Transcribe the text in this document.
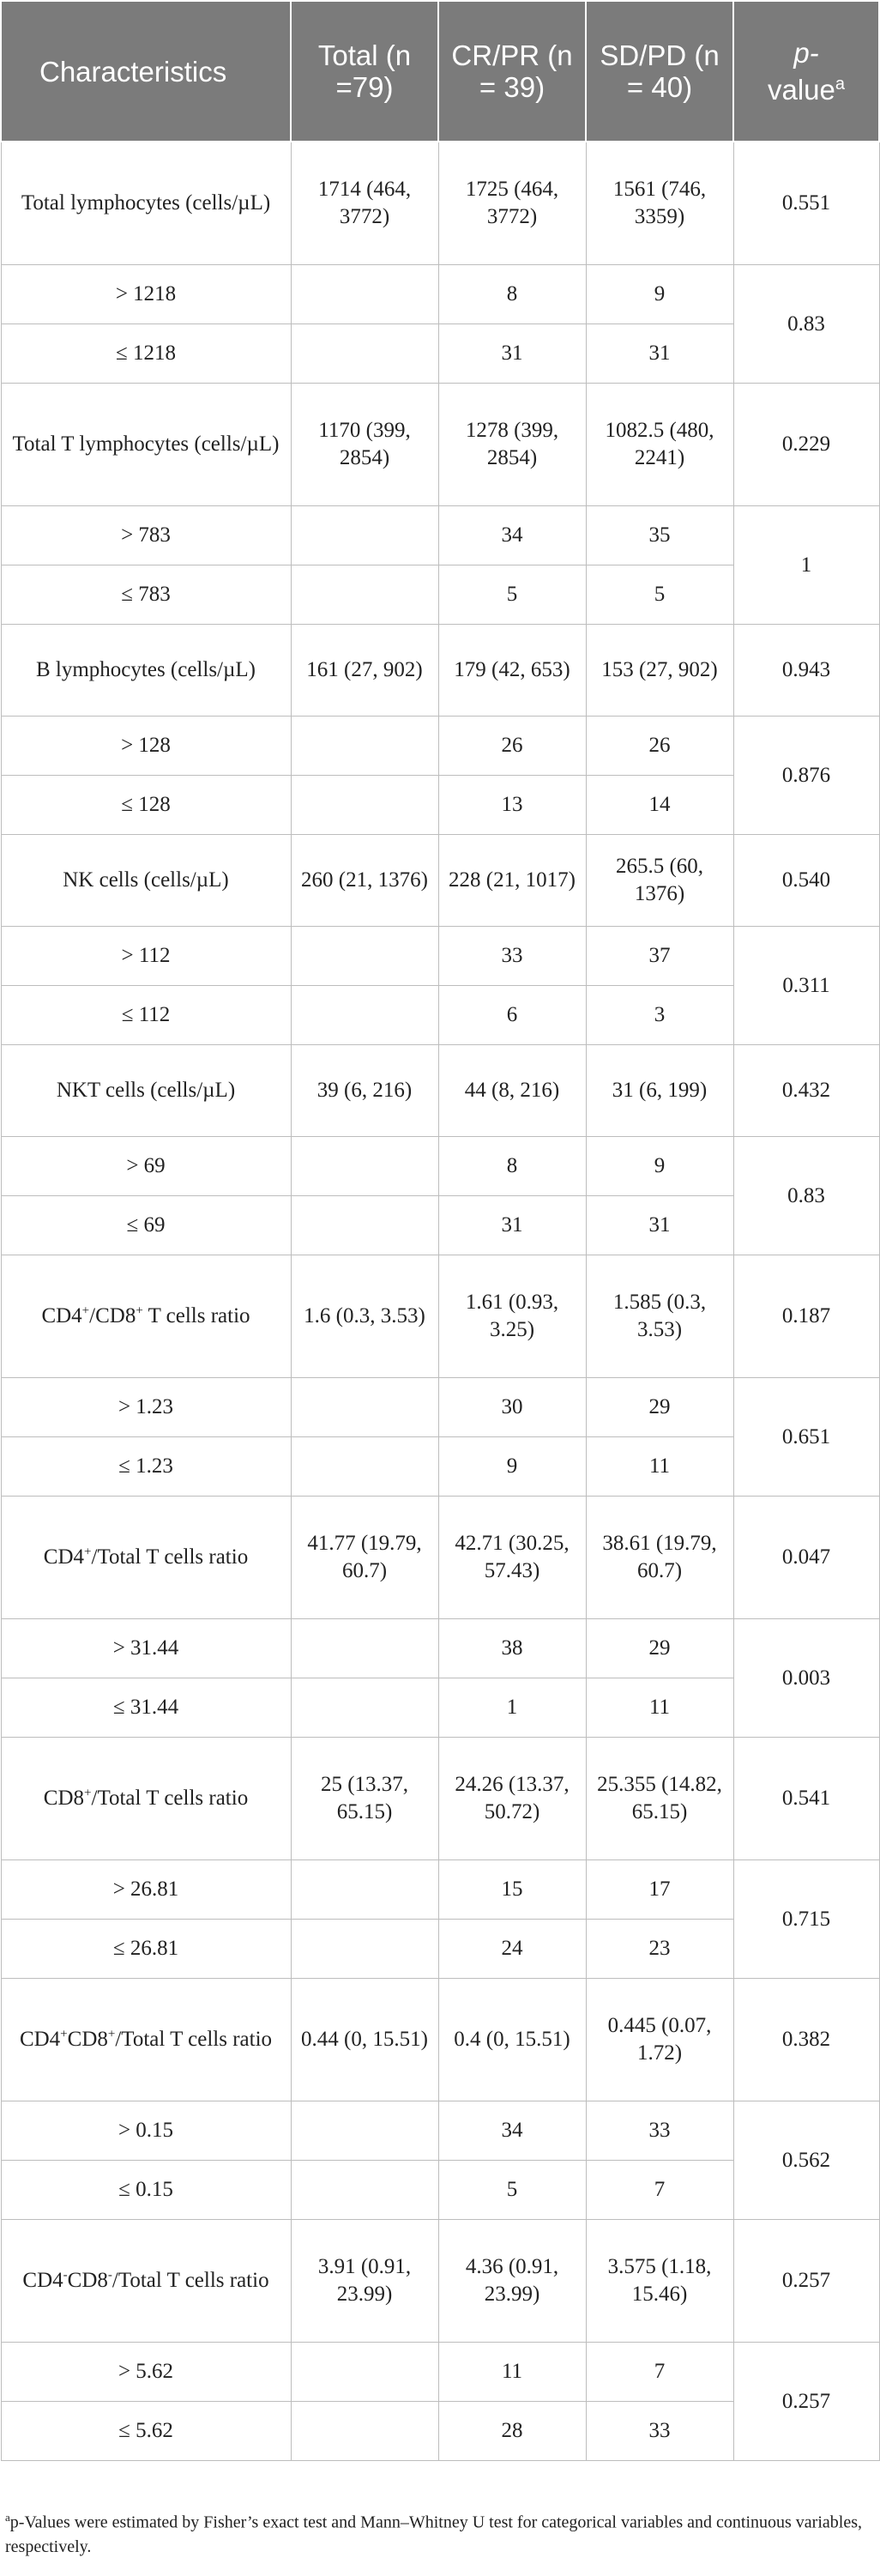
Characteristics	Total (n =79)	CR/PR (n = 39)	SD/PD (n = 40)	p-
value$^a$
Total lymphocytes (cells/µL)	1714 (464, 3772)	1725 (464, 3772)	1561 (746, 3359)	0.551
> 1218		8	9	0.83
≤ 1218		31	31	
Total T lymphocytes (cells/µL)	1170 (399, 2854)	1278 (399, 2854)	1082.5 (480, 2241)	0.229
> 783		34	35	1
≤ 783		5	5	
B lymphocytes (cells/µL)	161 (27, 902)	179 (42, 653)	153 (27, 902)	0.943
> 128		26	26	0.876
≤ 128		13	14	
NK cells (cells/µL)	260 (21, 1376)	228 (21, 1017)	265.5 (60, 1376)	0.540
> 112		33	37	0.311
≤ 112		6	3	
NKT cells (cells/µL)	39 (6, 216)	44 (8, 216)	31 (6, 199)	0.432
> 69		8	9	0.83
≤ 69		31	31	
CD4+/CD8+ T cells ratio	1.6 (0.3, 3.53)	1.61 (0.93, 3.25)	1.585 (0.3, 3.53)	0.187
> 1.23		30	29	0.651
≤ 1.23		9	11	
CD4+/Total T cells ratio	41.77 (19.79, 60.7)	42.71 (30.25, 57.43)	38.61 (19.79, 60.7)	0.047
> 31.44		38	29	0.003
≤ 31.44		1	11	
CD8+/Total T cells ratio	25 (13.37, 65.15)	24.26 (13.37, 50.72)	25.355 (14.82, 65.15)	0.541
> 26.81		15	17	0.715
≤ 26.81		24	23	
CD4+CD8+/Total T cells ratio	0.44 (0, 15.51)	0.4 (0, 15.51)	0.445 (0.07, 1.72)	0.382
> 0.15		34	33	0.562
≤ 0.15		5	7	
CD4-CD8-/Total T cells ratio	3.91 (0.91, 23.99)	4.36 (0.91, 23.99)	3.575 (1.18, 15.46)	0.257
> 5.62		11	7	0.257
≤ 5.62		28	33	
$^a$p-Values were estimated by Fisher’s exact test and Mann–Whitney U test for categorical variables and continuous variables, respectively.
